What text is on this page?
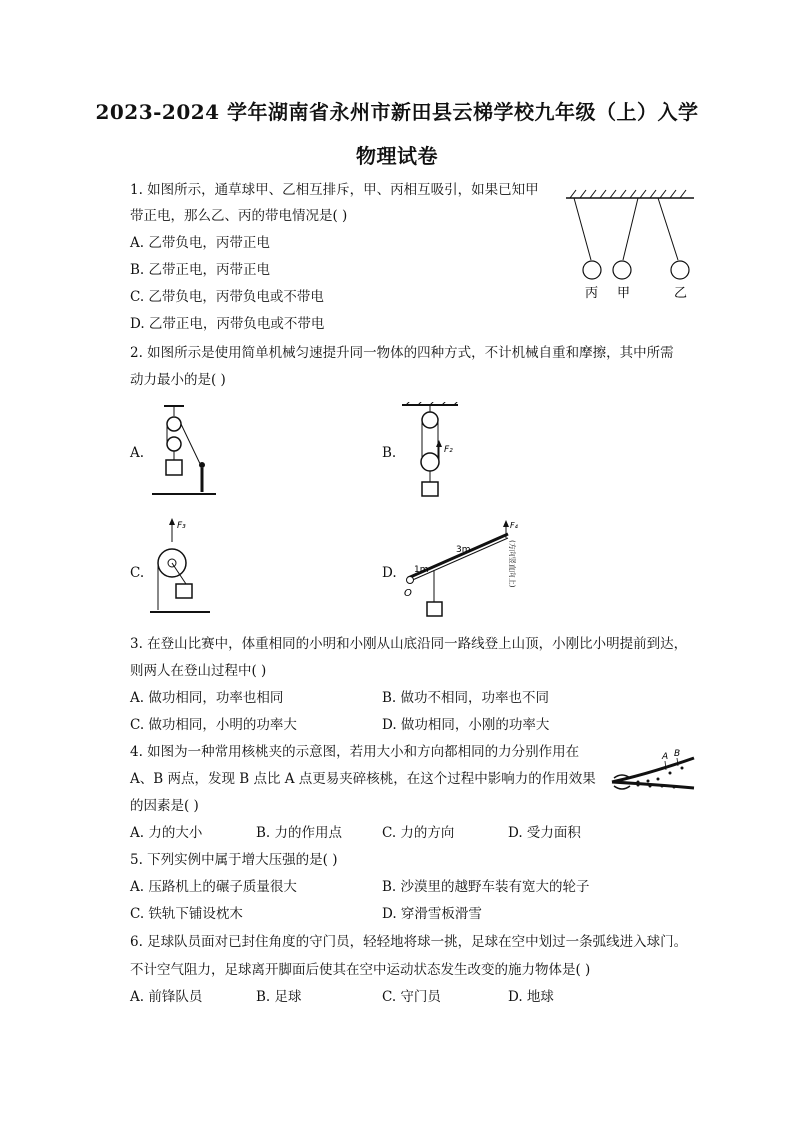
2023-2024 学年湖南省永州市新田县云梯学校九年级（上）入学
物理试卷
1. 如图所示，通草球甲、乙相互排斥，甲、丙相互吸引，如果已知甲
带正电，那么乙、丙的带电情况是( )
A. 乙带负电，丙带正电
B. 乙带正电，丙带正电
C. 乙带负电，丙带负电或不带电
D. 乙带正电，丙带负电或不带电
丙 甲	乙
2. 如图所示是使用简单机械匀速提升同一物体的四种方式，不计机械自重和摩擦，其中所需
动力最小的是( )
A.	B.	F₂
C.
F₃
D.
O
1m
3m
F₄
(方向竖直向上)
3. 在登山比赛中，体重相同的小明和小刚从山底沿同一路线登上山顶，小刚比小明提前到达，
则两人在登山过程中( )
A. 做功相同，功率也相同	B. 做功不相同，功率也不同
C. 做功相同，小明的功率大	D. 做功相同，小刚的功率大
4. 如图为一种常用核桃夹的示意图，若用大小和方向都相同的力分别作用在
A、B 两点，发现 B 点比 A 点更易夹碎核桃，在这个过程中影响力的作用效果
的因素是( )
A B
A. 力的大小	B. 力的作用点	C. 力的方向	D. 受力面积
5. 下列实例中属于增大压强的是( )
A. 压路机上的碾子质量很大	B. 沙漠里的越野车装有宽大的轮子
C. 铁轨下铺设枕木	D. 穿滑雪板滑雪
6. 足球队员面对已封住角度的守门员，轻轻地将球一挑，足球在空中划过一条弧线进入球门。
不计空气阻力，足球离开脚面后使其在空中运动状态发生改变的施力物体是( )
A. 前锋队员	B. 足球	C. 守门员	D. 地球
